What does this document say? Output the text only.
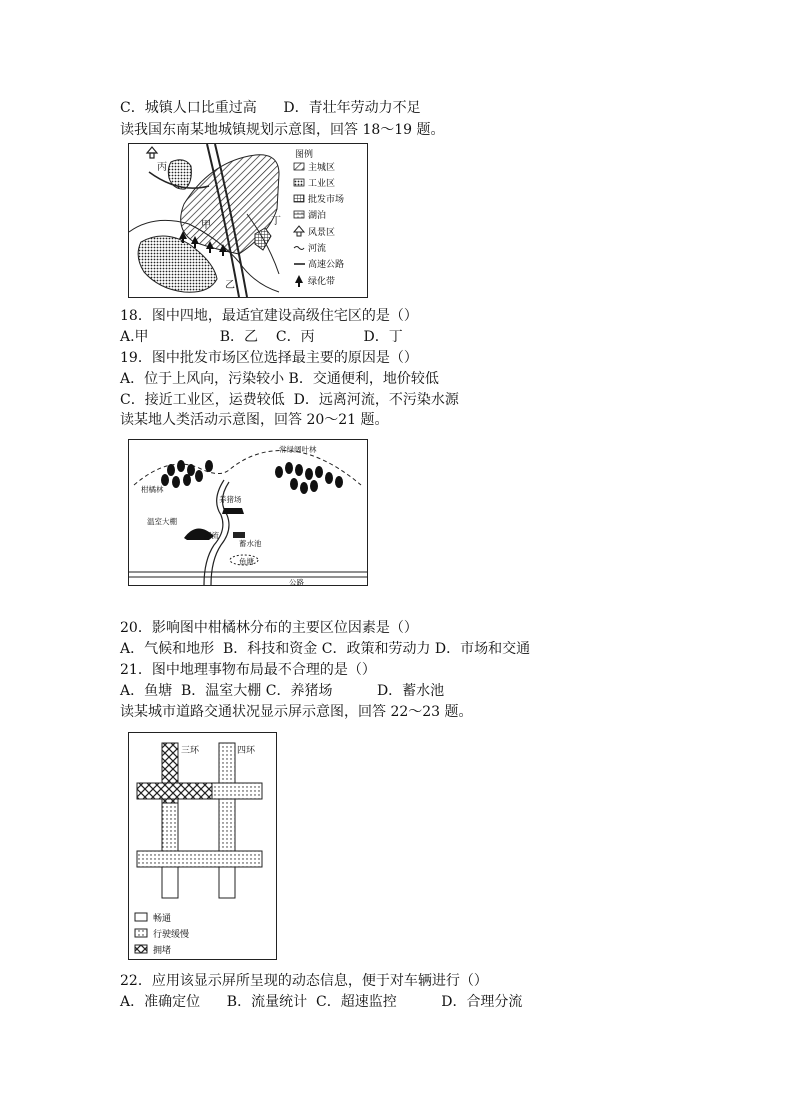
C．城镇人口比重过高      D．青壮年劳动力不足
读我国东南某地城镇规划示意图，回答 18～19 题。
丙
甲
乙
丁
图例
主城区
工业区
批发市场
湖泊
风景区
河流
高速公路
绿化带
18．图中四地，最适宜建设高级住宅区的是（）
A.甲                B．乙    C．丙           D．丁
19．图中批发市场区位选择最主要的原因是（）
A．位于上风向，污染较小 B．交通便利，地价较低
C．接近工业区，运费较低  D．远离河流，不污染水源
读某地人类活动示意图，回答 20～21 题。
常绿阔叶林
柑橘林
养猪场
温室大棚
河流
蓄水池
鱼塘
公路
20．影响图中柑橘林分布的主要区位因素是（）
A．气候和地形  B．科技和资金 C．政策和劳动力 D．市场和交通
21．图中地理事物布局最不合理的是（）
A．鱼塘  B．温室大棚 C．养猪场          D．蓄水池
读某城市道路交通状况显示屏示意图，回答 22～23 题。
三环	四环
畅通
行驶缓慢
拥堵
22．应用该显示屏所呈现的动态信息，便于对车辆进行（）
A．准确定位      B．流量统计  C．超速监控          D．合理分流
